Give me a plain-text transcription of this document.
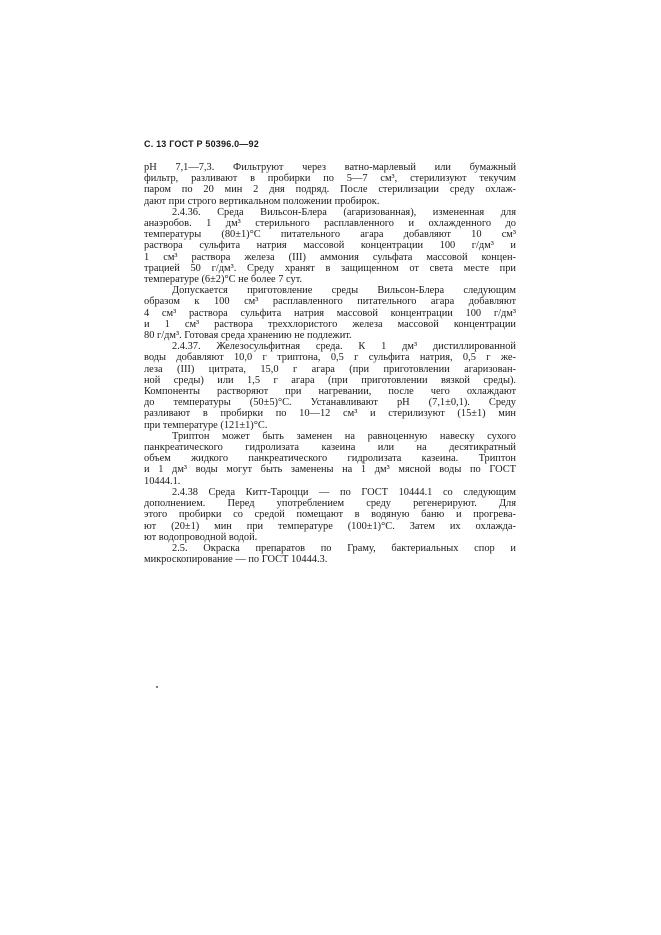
С. 13 ГОСТ Р 50396.0—92
pH 7,1—7,3. Фильтруют через ватно-марлевый или бумажный
фильтр, разливают в пробирки по 5—7 см³, стерилизуют текучим
паром по 20 мин 2 дня подряд. После стерилизации среду охлаж-
дают при строго вертикальном положении пробирок.
2.4.36. Среда Вильсон-Блера (агаризованная), измененная для
анаэробов. 1 дм³ стерильного расплавленного и охлажденного до
температуры (80±1)°С питательного агара добавляют 10 см³
раствора сульфита натрия массовой концентрации 100 г/дм³ и
1 см³ раствора железа (III) аммония сульфата массовой концен-
трацией 50 г/дм³. Среду хранят в защищенном от света месте при
температуре (6±2)°С не более 7 сут.
Допускается приготовление среды Вильсон-Блера следующим
образом к 100 см³ расплавленного питательного агара добавляют
4 см³ раствора сульфита натрия массовой концентрации 100 г/дм³
и 1 см³ раствора треххлористого железа массовой концентрации
80 г/дм³. Готовая среда хранению не подлежит.
2.4.37. Железосульфитная среда. К 1 дм³ дистиллированной
воды добавляют 10,0 г триптона, 0,5 г сульфита натрия, 0,5 г же-
леза (III) цитрата, 15,0 г агара (при приготовлении агаризован-
ной среды) или 1,5 г агара (при приготовлении вязкой среды).
Компоненты растворяют при нагревании, после чего охлаждают
до температуры (50±5)°С. Устанавливают pH (7,1±0,1). Среду
разливают в пробирки по 10—12 см³ и стерилизуют (15±1) мин
при температуре (121±1)°С.
Триптон может быть заменен на равноценную навеску сухого
панкреатического гидролизата казеина или на десятикратный
объем жидкого панкреатического гидролизата казеина. Триптон
и 1 дм³ воды могут быть заменены на 1 дм³ мясной воды по ГОСТ
10444.1.
2.4.38 Среда Китт-Тароцци — по ГОСТ 10444.1 со следующим
дополнением. Перед употреблением среду регенерируют. Для
этого пробирки со средой помещают в водяную баню и прогрева-
ют (20±1) мин при температуре (100±1)°С. Затем их охлажда-
ют водопроводной водой.
2.5. Окраска препаратов по Граму, бактериальных спор и
микроскопирование — по ГОСТ 10444.3.
